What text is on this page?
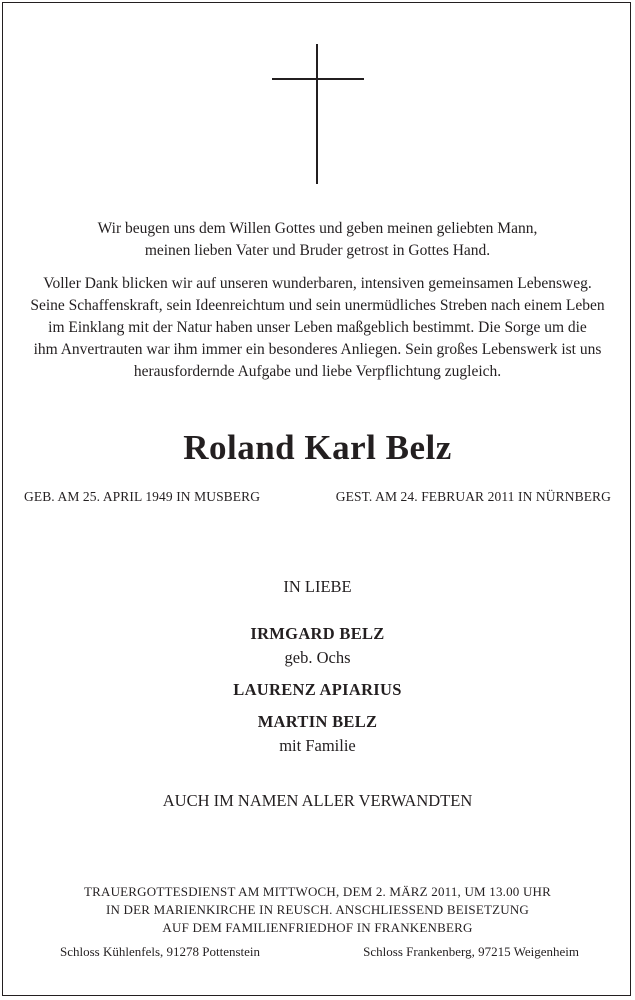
Wir beugen uns dem Willen Gottes und geben meinen geliebten Mann,
meinen lieben Vater und Bruder getrost in Gottes Hand.
Voller Dank blicken wir auf unseren wunderbaren, intensiven gemeinsamen Lebensweg.
Seine Schaffenskraft, sein Ideenreichtum und sein unermüdliches Streben nach einem Leben
im Einklang mit der Natur haben unser Leben maßgeblich bestimmt. Die Sorge um die
ihm Anvertrauten war ihm immer ein besonderes Anliegen. Sein großes Lebenswerk ist uns
herausfordernde Aufgabe und liebe Verpflichtung zugleich.
Roland Karl Belz
GEB. AM 25. APRIL 1949 IN MUSBERG	GEST. AM 24. FEBRUAR 2011 IN NÜRNBERG
IN LIEBE
IRMGARD BELZ
geb. Ochs
LAURENZ APIARIUS
MARTIN BELZ
mit Familie
AUCH IM NAMEN ALLER VERWANDTEN
TRAUERGOTTESDIENST AM MITTWOCH, DEM 2. MÄRZ 2011, UM 13.00 UHR
IN DER MARIENKIRCHE IN REUSCH. ANSCHLIESSEND BEISETZUNG
AUF DEM FAMILIENFRIEDHOF IN FRANKENBERG
Schloss Kühlenfels, 91278 Pottenstein	Schloss Frankenberg, 97215 Weigenheim
